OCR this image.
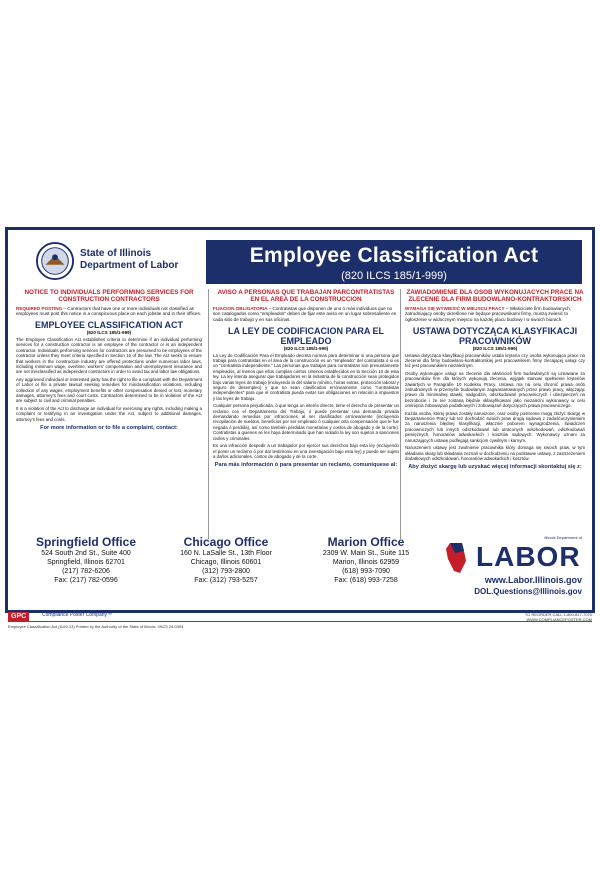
State of Illinois
Department of Labor	Employee Classification Act
(820 ILCS 185/1-999)
NOTICE TO INDIVIDUALS PERFORMING SERVICES FOR CONSTRUCTION CONTRACTORS
REQUIRED POSTING – Contractors that have one or more individuals not classified as employees must post this notice in a conspicuous place on each jobsite and in their offices.
EMPLOYEE CLASSIFICATION ACT
(820 ILCS 185/1-999)
The Employee Classification Act establishes criteria to determine if an individual performing services for a construction contractor is an employee of the contractor or is an independent contractor. Individuals performing services for contractors are presumed to be employees of the contractor unless they meet criteria specified in Section 10 of the law. The Act seeks to ensure that workers in the construction industry are offered protections under numerous labor laws, including minimum wage, overtime, workers' compensation and unemployment insurance and are not misclassified as independent contractors in order to avoid tax and labor law obligations.
Any aggrieved individual or interested party has the right to file a complaint with the Department of Labor or file a private lawsuit seeking remedies for misclassification violations, including collection of any wages, employment benefits or other compensation denied or lost, monetary damages, attorney's fees and court costs. Contractors determined to be in violation of the Act are subject to civil and criminal penalties.
It is a violation of the Act to discharge an individual for exercising any rights, including making a complaint or testifying in an investigation under the Act, subject to additional damages, attorney's fees and costs.
For more information or to file a complaint, contact:
AVISO A PERSONAS QUE TRABAJAN PARCONTRATISTAS EN EL AREA DE LA CONSTRUCCION
FIJACION OBLIGATORIA – Contratistas que disponen de uno ó más individuos que no son catalogados como "empleados" deben de fijar este aviso en un lugar sobresaliente en cada sitio de trabajo y en sus oficinas.
LA LEY DE CODIFICACION PARA EL EMPLEADO
(820 ILCS 185/1-999)
La Ley de Codificación Para el Empleado decreta normas para determinar si una persona que trabaja para contratistas en el área de la construcción es un "empleado" del contratista ó si es un "contratista independiente." Las personas que trabajan para contratistas son presuntamente empleados, al menos que ellos cumplan ciertos criterios establecidos en la Sección 10 de esta ley. La ley intenta asegurar que trabajadores en la industria de la construcción sean protegidos bajo varias leyes de trabajo (incluyendo la del salario mínimo, horas extras, protección laboral y seguro de desempleo) y que no sean clasificados erróneamente como "contratistas independientes" para que el contratista pueda evitar sus obligaciones en relación a impuestos y las leyes de trabajo.
Cualquier persona perjudicada, ó que tenga un interés directo, tiene el derecho de presentar un reclamo con el Departamento del Trabajo, ó puede presentar una demanda privada demandando remedios por infracciones al ser clasificados erróneamente (incluyendo recopilación de sueldos, beneficios por ser empleado ó cualquier otra compensación que le fue negada ó perdida), así como también pérdidas monetarias y costos de abogado y de la corte). Contratistas a quienes se les haya determinado que han violado la ley son sujetos a sanciones civiles y criminales.
Es una infracción despedir a un trabajador por ejercer sus derechos bajo esta ley (incluyendo el poner un reclamo ó por dar testimonio en una investigación bajo esta ley) y puede ser sujeto a daños adicionales, costos de abogado y de la corte.
Para más información ó para presentar un reclamo, comuníquese al:
ZAWIADOMIENIE DLA OSOB WYKONUJACYCH PRACE NA ZLECENIE DLA FIRM BUDOWLANO-KONTRAKTORSKICH
WYMAGA SIĘ WYWIESIĆ W MIEJSCU PRACY – Właściciele firm budowlanych, zatrudniający osoby określone nie będące pracownikami firmy, muszą zwiesić to ogłoszenie w widocznym miejscu na każdej placu budowy i w swoich biurach.
USTAWA DOTYCZĄCA KLASYFIKACJI PRACOWNIKÓW
(820 ILCS 185/1-999)
Ustawa dotycząca klasyfikacji pracowników ustala kryteria czy osoba wykonująca prace na zlecenie dla firmy budowlano-kontraktorskiej jest pracownikiem firmy zlecającej usługi czy też jest pracownikiem niezależnym.
Osoby wykonujące usługi na zlecenie dla właścicieli firm budowlanych są uznawane za pracowników firm dla których wykonują zlecenia, wyjątek stanowi spełnienie kryteriów zawartych w Paragrafie 10 Kodeksu Pracy. Ustawa ma na celu chronić prawa osób zatrudnionych w przemyśle budowlanym zagwarantowanych przez prawo pracy, włączając prawo do minimalnej stawki, nadgodzin, odszkodowań pracowniczych i ubezpieczeń na bezrobocie i że nie zostaną błędnie sklasyfikowani jako niezależni wykonawcy w celu ominięcia zobowiązań podatkowych i zobowiązań dotyczących prawa pracowniczego.
Każda osoba, której prawa zostały naruszone, oraz osoby postronne mogą złożyć skargę w Departamencie Pracy lub też dochodzić swoich praw drogą sądową z zadośćuczynieniem za naruszenia błędnej klasyfikacji, włącznie poborem wynagrodzenia, świadczeń pracowniczych lub innych odszkodowań lub utraconych odszkodowań, odszkodowań pieniężnych, honorariów adwokackich i kosztów sądowych. Wykonawcy uznani za naruszających ustawę podlegają sankcjom cywilnym i karnym.
Naruszeniem ustawy jest zwolnienie pracownika który domaga się swoich praw, w tym składania skarg lub składania zeznań w dochodzeniu na podstawie ustawy, z zastrzeżeniem dodatkowych odszkodowań, honorariów adwokackich i kosztów.
Aby złożyć skargę lub uzyskać więcej informacji skontaktuj się z:
Springfield Office
524 South 2nd St., Suite 400
Springfield, Illinois 62701
(217) 782-6206
Fax: (217) 782-0596
Chicago Office
160 N. LaSalle St., 13th Floor
Chicago, Illinois 60601
(312) 793-2800
Fax: (312) 793-5257
Marion Office
2309 W. Main St., Suite 115
Marion, Illinois 62959
(618) 993-7090
Fax: (618) 993-7258
Illinois Department of
LABOR
www.Labor.Illinois.gov
DOL.Questions@Illinois.gov
GPC	Compliance Poster Company™
Employee Classification Act (8-09-13) Printed by the Authority of the State of Illinois. 09/23 24-0394
TO REORDER CALL 1-800-817-7070
WWW.COMPLIANCEPOSTER.COM
